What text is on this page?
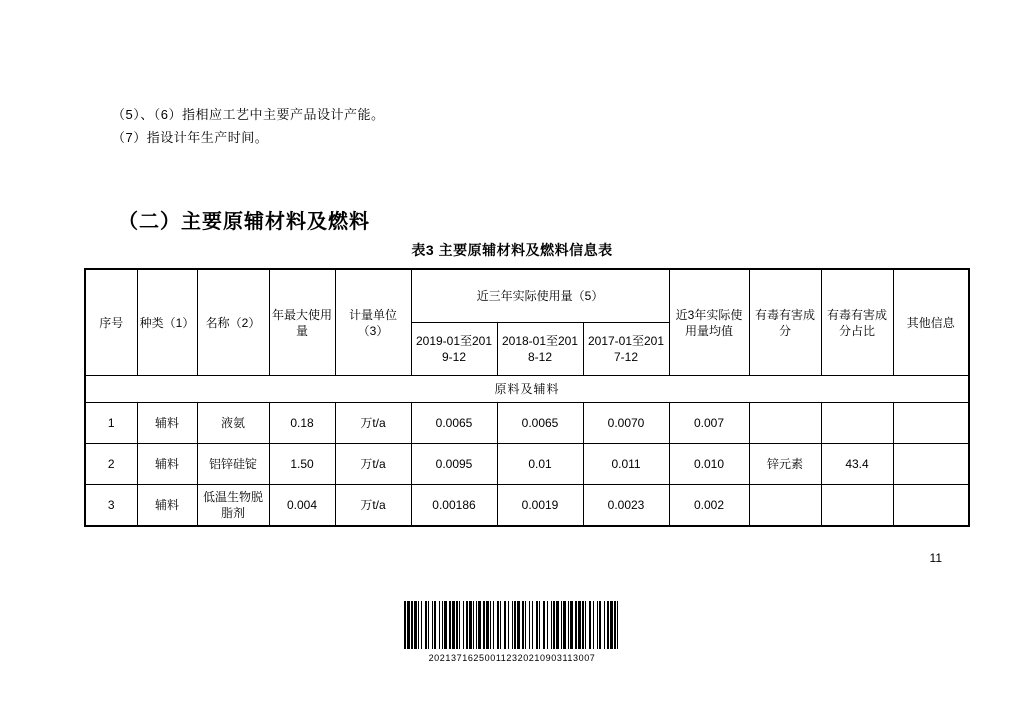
（5）、（6）指相应工艺中主要产品设计产能。
（7）指设计年生产时间。
（二）主要原辅材料及燃料
表3 主要原辅材料及燃料信息表
序号	种类（1）	名称（2）	年最大使用量	计量单位（3）	近三年实际使用量（5）			近3年实际使用量均值	有毒有害成分	有毒有害成分占比	其他信息
					2019-01至2019-12	2018-01至2018-12	2017-01至2017-12				
原料及辅料											
1	辅料	液氨	0.18	万t/a	0.0065	0.0065	0.0070	0.007			
2	辅料	铝锌硅锭	1.50	万t/a	0.0095	0.01	0.011	0.010	锌元素	43.4	
3	辅料	低温生物脱脂剂	0.004	万t/a	0.00186	0.0019	0.0023	0.002			
11
202137162500112320210903113007
